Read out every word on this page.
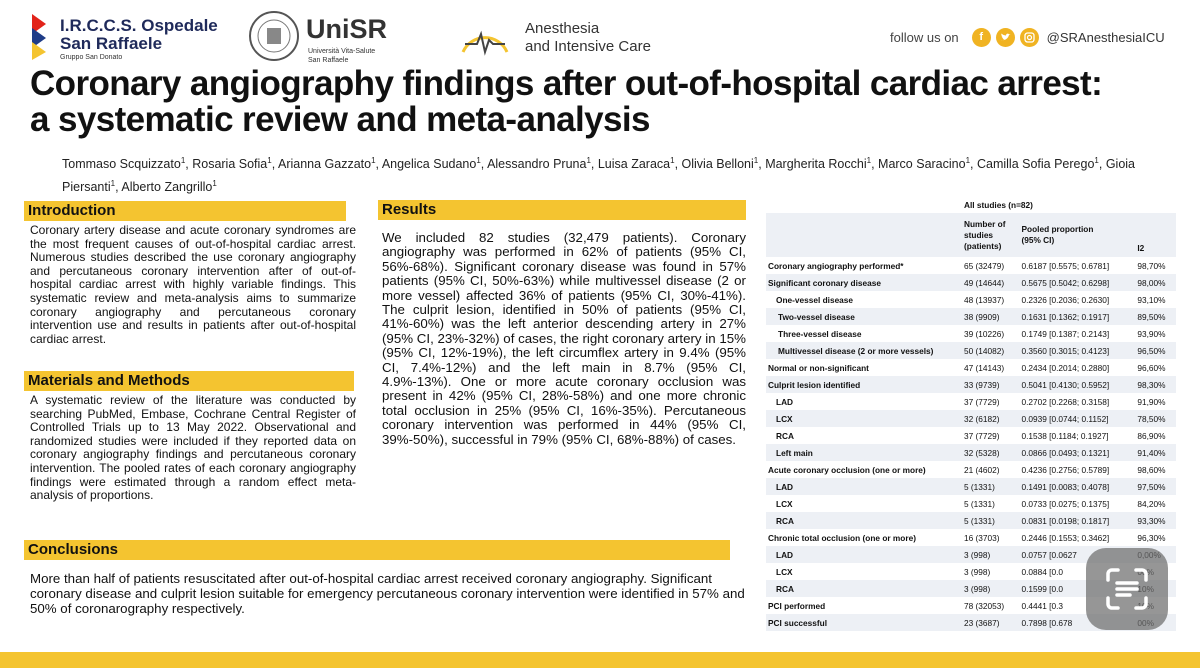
I.R.C.C.S. Ospedale
San Raffaele
Gruppo San Donato
UniSR
Università Vita-Salute
San Raffaele
Anesthesia
and Intensive Care
follow us on	f	@SRAnesthesiaICU
Coronary angiography findings after out-of-hospital cardiac arrest: a systematic review and meta-analysis
Tommaso Scquizzato$^1$, Rosaria Sofia$^1$, Arianna Gazzato$^1$, Angelica Sudano$^1$, Alessandro Pruna$^1$, Luisa Zaraca$^1$, Olivia Belloni$^1$, Margherita Rocchi$^1$, Marco Saracino$^1$, Camilla Sofia Perego$^1$, Gioia Piersanti$^1$, Alberto Zangrillo$^1$
Introduction

Coronary artery disease and acute coronary syndromes are the most frequent causes of out-of-hospital cardiac arrest. Numerous studies described the use coronary angiography and percutaneous coronary intervention after of out-of-hospital cardiac arrest with highly variable findings. This systematic review and meta-analysis aims to summarize coronary angiography and percutaneous coronary intervention use and results in patients after out-of-hospital cardiac arrest.

Materials and Methods

A systematic review of the literature was conducted by searching PubMed, Embase, Cochrane Central Register of Controlled Trials up to 13 May 2022. Observational and randomized studies were included if they reported data on coronary angiography findings and percutaneous coronary intervention. The pooled rates of each coronary angiography findings were estimated through a random effect meta-analysis of proportions.

Results

We included 82 studies (32,479 patients). Coronary angiography was performed in 62% of patients (95% CI, 56%-68%). Significant coronary disease was found in 57% patients (95% CI, 50%-63%) while multivessel disease (2 or more vessel) affected 36% of patients (95% CI, 30%-41%). The culprit lesion, identified in 50% of patients (95% CI, 41%-60%) was the left anterior descending artery in 27% (95% CI, 23%-32%) of cases, the right coronary artery in 15% (95% CI, 12%-19%), the left circumflex artery in 9.4% (95% CI, 7.4%-12%) and the left main in 8.7% (95% CI, 4.9%-13%). One or more acute coronary occlusion was present in 42% (95% CI, 28%-58%) and one more chronic total occlusion in 25% (95% CI, 16%-35%). Percutaneous coronary intervention was performed in 44% (95% CI, 39%-50%), successful in 79% (95% CI, 68%-88%) of cases.

Conclusions

More than half of patients resuscitated after out-of-hospital cardiac arrest received coronary angiography. Significant coronary disease and culprit lesion suitable for emergency percutaneous coronary intervention were identified in 57% and 50% of coronarography respectively.

	All studies (n=82)		
	Number of
studies
(patients)	Pooled proportion
(95% CI)	I2
Coronary angiography performed*	65 (32479)	0.6187 [0.5575; 0.6781]	98,70%
Significant coronary disease	49 (14644)	0.5675 [0.5042; 0.6298]	98,00%
One-vessel disease	48 (13937)	0.2326 [0.2036; 0.2630]	93,10%
Two-vessel disease	38 (9909)	0.1631 [0.1362; 0.1917]	89,50%
Three-vessel disease	39 (10226)	0.1749 [0.1387; 0.2143]	93,90%
Multivessel disease (2 or more vessels)	50 (14082)	0.3560 [0.3015; 0.4123]	96,50%
Normal or non-significant	47 (14143)	0.2434 [0.2014; 0.2880]	96,60%
Culprit lesion identified	33 (9739)	0.5041 [0.4130; 0.5952]	98,30%
LAD	37 (7729)	0.2702 [0.2268; 0.3158]	91,90%
LCX	32 (6182)	0.0939 [0.0744; 0.1152]	78,50%
RCA	37 (7729)	0.1538 [0.1184; 0.1927]	86,90%
Left main	32 (5328)	0.0866 [0.0493; 0.1321]	91,40%
Acute coronary occlusion (one or more)	21 (4602)	0.4236 [0.2756; 0.5789]	98,60%
LAD	5 (1331)	0.1491 [0.0083; 0.4078]	97,50%
LCX	5 (1331)	0.0733 [0.0275; 0.1375]	84,20%
RCA	5 (1331)	0.0831 [0.0198; 0.1817]	93,30%
Chronic total occlusion (one or more)	16 (3703)	0.2446 [0.1553; 0.3462]	96,30%
LAD	3 (998)	0.0757 [0.0627	
LCX	3 (998)	0.0884 [0.0	
RCA	3 (998)	0.1599 [0.0	
PCI performed	78 (32053)	0.4441 [0.3	
PCI successful	23 (3687)	0.7898 [0.678	
